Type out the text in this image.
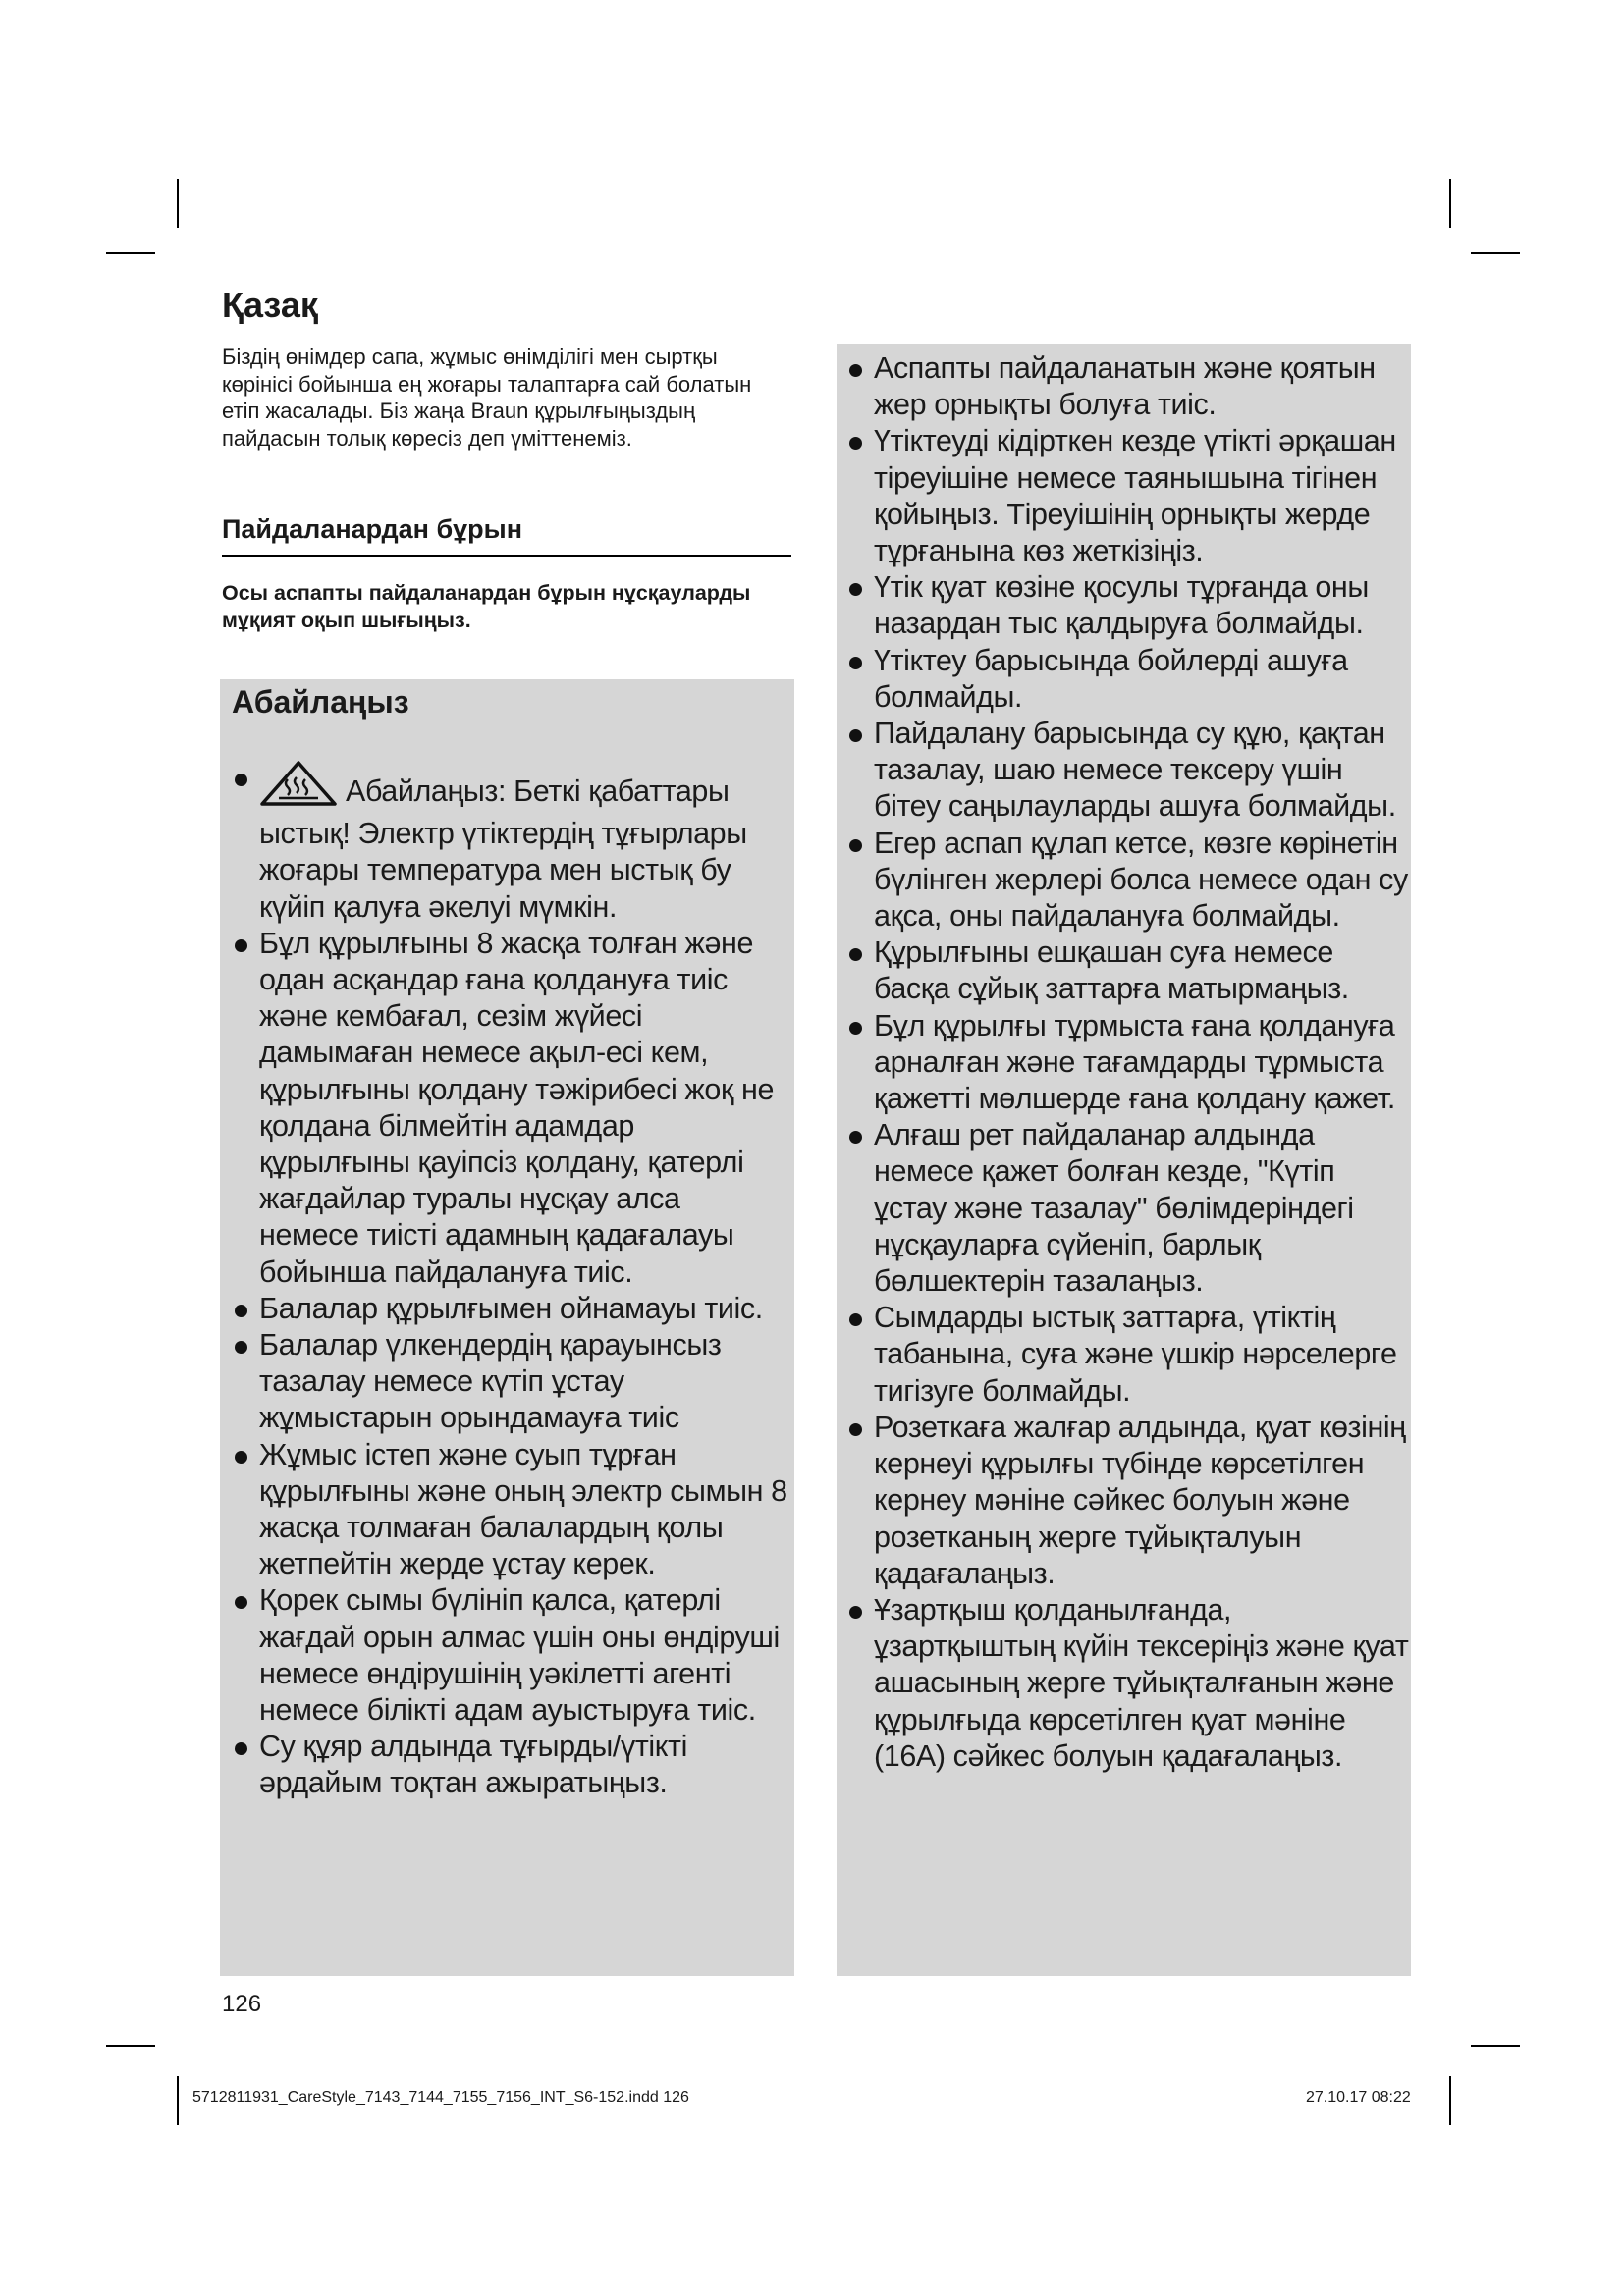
Қазақ

Біздің өнімдер сапа, жұмыс өнімділігі мен сыртқы көрінісі бойынша ең жоғары талаптарға сай болатын етіп жасалады. Біз жаңа Braun құрылғыңыздың пайдасын толық көресіз деп үміттенеміз.

Пайдаланардан бұрын

Осы аспапты пайдаланардан бұрын нұсқауларды мұқият оқып шығыңыз.

Абайлаңыз
Абайлаңыз: Беткі қабаттары ыстық! Электр үтіктердің тұғырлары жоғары температура мен ыстық бу күйіп қалуға әкелуі мүмкін.
Бұл құрылғыны 8 жасқа толған және одан асқандар ғана қолдануға тиіс және кембағал, сезім жүйесі дамымаған немесе ақыл-есі кем, құрылғыны қолдану тәжірибесі жоқ не қолдана білмейтін адамдар құрылғыны қауіпсіз қолдану, қатерлі жағдайлар туралы нұсқау алса немесе тиісті адамның қадағалауы бойынша пайдалануға тиіс.
Балалар құрылғымен ойнамауы тиіс.
Балалар үлкендердің қарауынсыз тазалау немесе күтіп ұстау жұмыстарын орындамауға тиіс
Жұмыс істеп және суып тұрған құрылғыны және оның электр сымын 8 жасқа толмаған балалардың қолы жетпейтін жерде ұстау керек.
Қорек сымы бүлініп қалса, қатерлі жағдай орын алмас үшін оны өндіруші немесе өндірушінің уәкілетті агенті немесе білікті адам ауыстыруға тиіс.
Су құяр алдында тұғырды/үтікті әрдайым тоқтан ажыратыңыз.

126

Аспапты пайдаланатын және қоятын жер орнықты болуға тиіс.
Үтіктеуді кідірткен кезде үтікті әрқашан тіреуішіне немесе таянышына тігінен қойыңыз. Тіреуішінің орнықты жерде тұрғанына көз жеткізіңіз.
Үтік қуат көзіне қосулы тұрғанда оны назардан тыс қалдыруға болмайды.
Үтіктеу барысында бойлерді ашуға болмайды.
Пайдалану барысында су құю, қақтан тазалау, шаю немесе тексеру үшін бітеу саңылауларды ашуға болмайды.
Егер аспап құлап кетсе, көзге көрінетін бүлінген жерлері болса немесе одан су ақса, оны пайдалануға болмайды.
Құрылғыны ешқашан суға немесе басқа сұйық заттарға матырмаңыз.
Бұл құрылғы тұрмыста ғана қолдануға арналған және тағамдарды тұрмыста қажетті мөлшерде ғана қолдану қажет.
Алғаш рет пайдаланар алдында немесе қажет болған кезде, "Күтіп ұстау және тазалау" бөлімдеріндегі нұсқауларға сүйеніп, барлық бөлшектерін тазалаңыз.
Сымдарды ыстық заттарға, үтіктің табанына, суға және үшкір нәрселерге тигізуге болмайды.
Розеткаға жалғар алдында, қуат көзінің кернеуі құрылғы түбінде көрсетілген кернеу мәніне сәйкес болуын және розетканың жерге тұйықталуын қадағалаңыз.
Ұзартқыш қолданылғанда, ұзартқыштың күйін тексеріңіз және қуат ашасының жерге тұйықталғанын және құрылғыда көрсетілген қуат мәніне (16A) сәйкес болуын қадағалаңыз.

5712811931_CareStyle_7143_7144_7155_7156_INT_S6-152.indd 126	27.10.17 08:22
